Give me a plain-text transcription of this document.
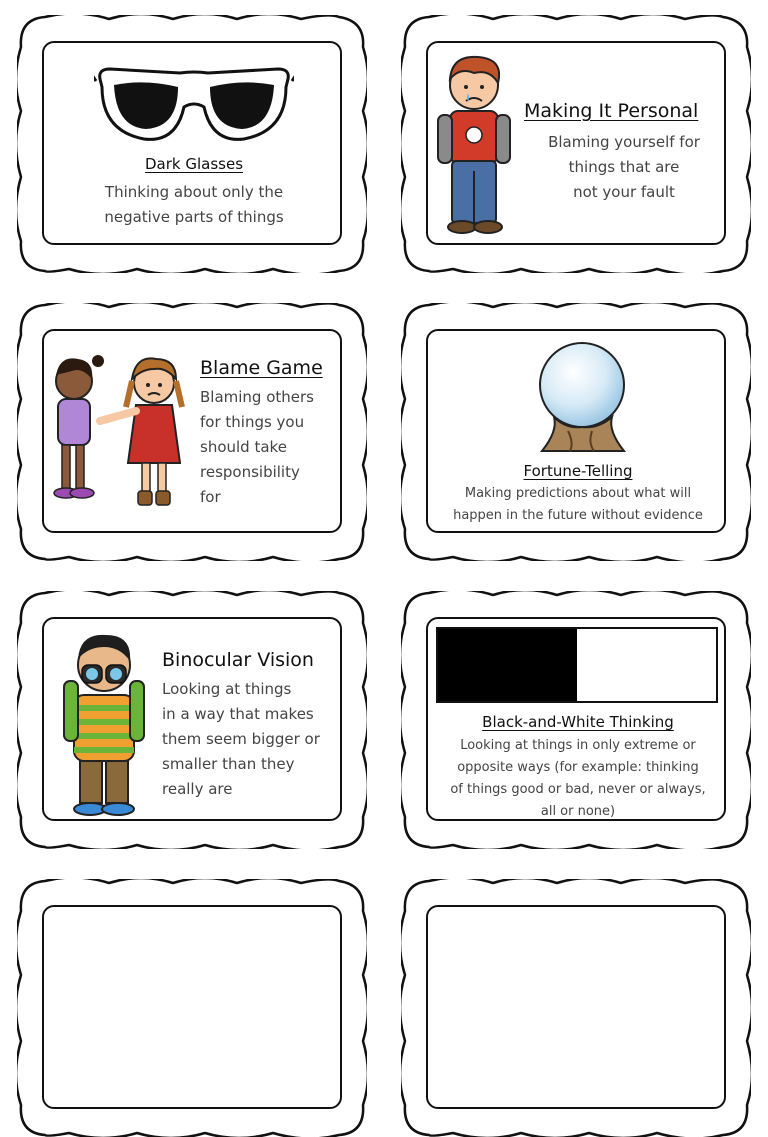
Dark Glasses
Thinking about only the
negative parts of things
Making It Personal
Blaming yourself for
things that are
not your fault
Blame Game
Blaming others
for things you
should take
responsibility
for
Fortune-Telling
Making predictions about what will
happen in the future without evidence
Binocular Vision
Looking at things
in a way that makes
them seem bigger or
smaller than they
really are
Black-and-White Thinking
Looking at things in only extreme or
opposite ways (for example: thinking
of things good or bad, never or always,
all or none)
